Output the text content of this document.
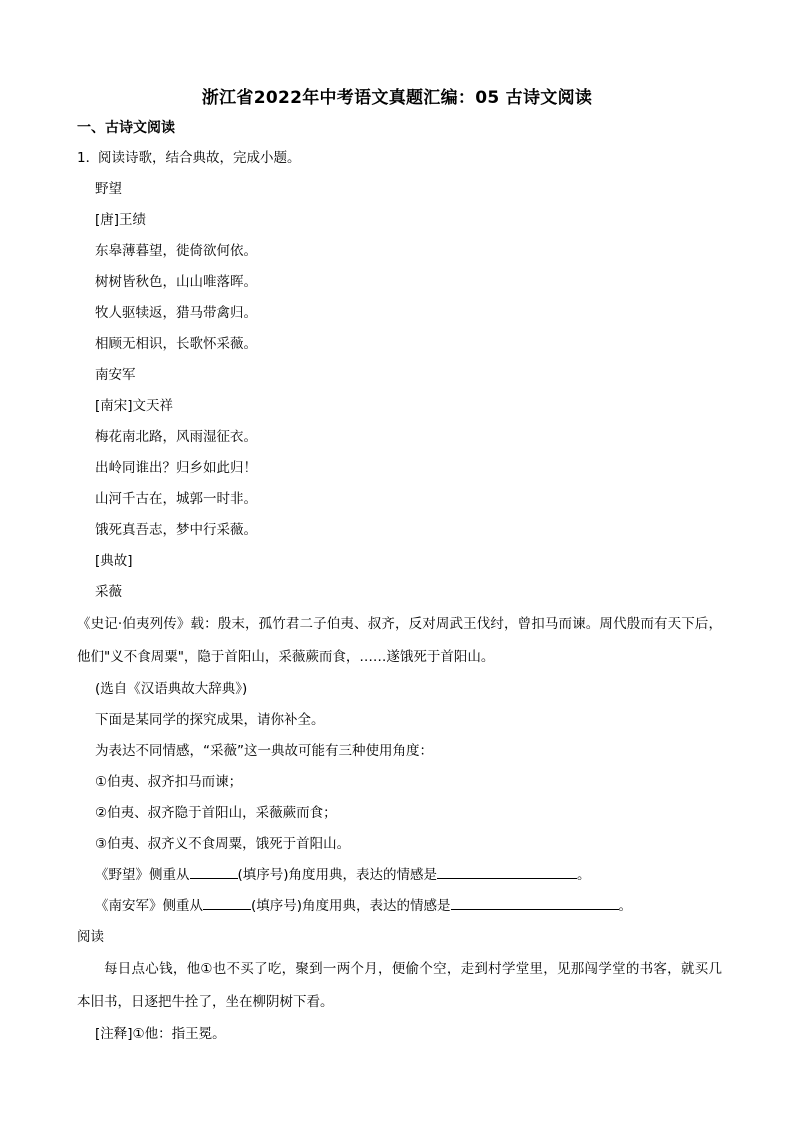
浙江省2022年中考语文真题汇编：05 古诗文阅读
一、古诗文阅读
1．阅读诗歌，结合典故，完成小题。
野望
[唐]王绩
东皋薄暮望，徙倚欲何依。
树树皆秋色，山山唯落晖。
牧人驱犊返，猎马带禽归。
相顾无相识，长歌怀采薇。
南安军
[南宋]文天祥
梅花南北路，风雨湿征衣。
出岭同谁出？归乡如此归！
山河千古在，城郭一时非。
饿死真吾志，梦中行采薇。
[典故]
采薇
《史记·伯夷列传》载：殷末，孤竹君二子伯夷、叔齐，反对周武王伐纣，曾扣马而谏。周代殷而有天下后，他们"义不食周粟"，隐于首阳山，采薇蕨而食，……遂饿死于首阳山。
(选自《汉语典故大辞典》)
下面是某同学的探究成果，请你补全。
为表达不同情感，“采薇”这一典故可能有三种使用角度：
①伯夷、叔齐扣马而谏；
②伯夷、叔齐隐于首阳山，采薇蕨而食；
③伯夷、叔齐义不食周粟，饿死于首阳山。
《野望》侧重从	(填序号)角度用典，表达的情感是	。
《南安军》侧重从	(填序号)角度用典，表达的情感是	。
阅读
每日点心钱，他①也不买了吃，聚到一两个月，便偷个空，走到村学堂里，见那闯学堂的书客，就买几本旧书，日逐把牛拴了，坐在柳阴树下看。
[注释]①他：指王冕。
